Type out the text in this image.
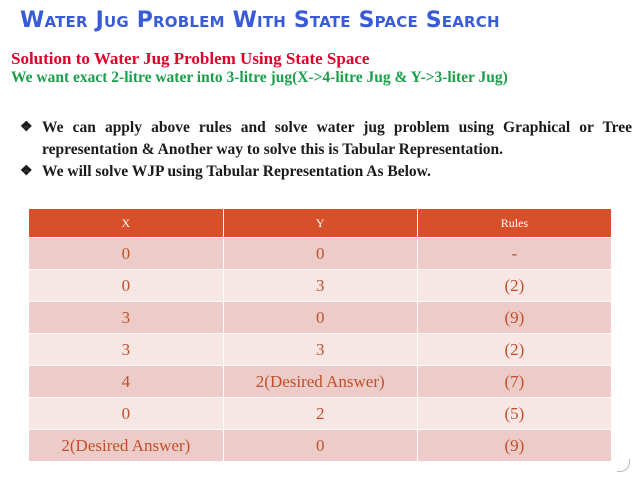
Water Jug Problem With State Space Search
Solution to Water Jug Problem Using State Space
We want exact 2-litre water into 3-litre jug(X->4-litre Jug & Y->3-liter Jug)
❖ We can apply above rules and solve water jug problem using Graphical or Tree representation & Another way to solve this is Tabular Representation.
❖ We will solve WJP using Tabular Representation As Below.
X	Y	Rules
0	0	-
0	3	(2)
3	0	(9)
3	3	(2)
4	2(Desired Answer)	(7)
0	2	(5)
2(Desired Answer)	0	(9)
